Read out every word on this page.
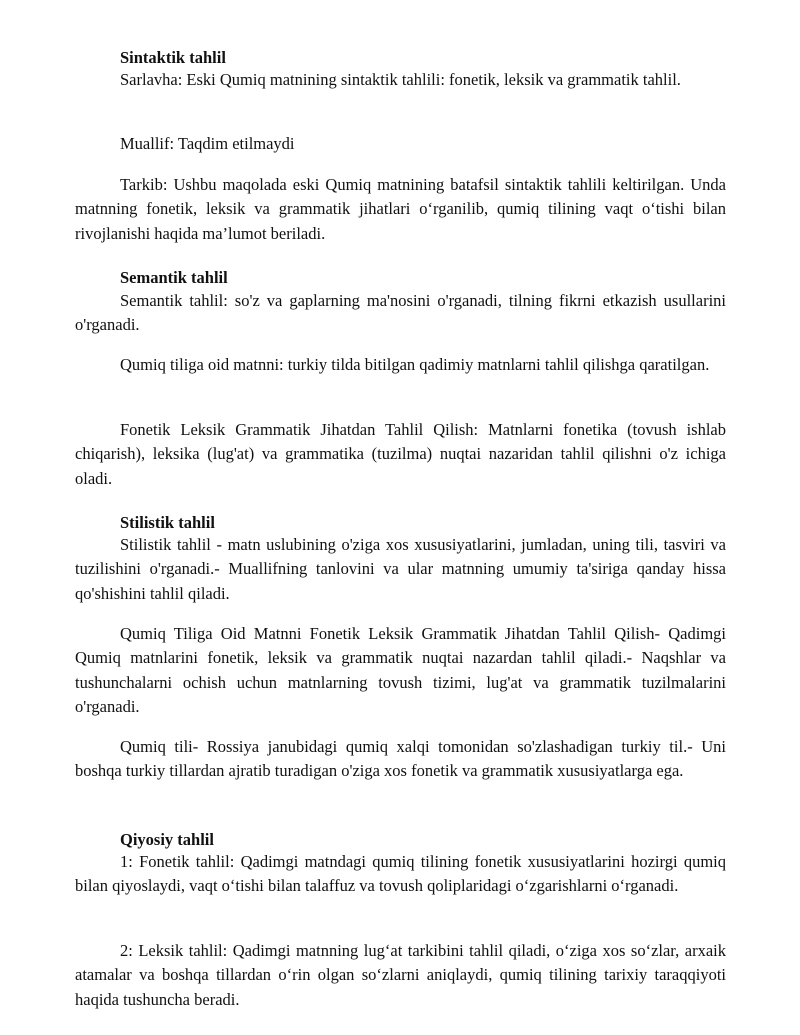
Sintaktik tahlil

Sarlavha: Eski Qumiq matnining sintaktik tahlili: fonetik, leksik va grammatik tahlil.

Muallif: Taqdim etilmaydi

Tarkib: Ushbu maqolada eski Qumiq matnining batafsil sintaktik tahlili keltirilgan. Unda matnning fonetik, leksik va grammatik jihatlari o‘rganilib, qumiq tilining vaqt o‘tishi bilan rivojlanishi haqida ma’lumot beriladi.

Semantik tahlil

Semantik tahlil: so'z va gaplarning ma'nosini o'rganadi, tilning fikrni etkazish usullarini o'rganadi.

Qumiq tiliga oid matnni: turkiy tilda bitilgan qadimiy matnlarni tahlil qilishga qaratilgan.

Fonetik Leksik Grammatik Jihatdan Tahlil Qilish: Matnlarni fonetika (tovush ishlab chiqarish), leksika (lug'at) va grammatika (tuzilma) nuqtai nazaridan tahlil qilishni o'z ichiga oladi.

Stilistik tahlil

Stilistik tahlil - matn uslubining o'ziga xos xususiyatlarini, jumladan, uning tili, tasviri va tuzilishini o'rganadi.- Muallifning tanlovini va ular matnning umumiy ta'siriga qanday hissa qo'shishini tahlil qiladi.

Qumiq Tiliga Oid Matnni Fonetik Leksik Grammatik Jihatdan Tahlil Qilish- Qadimgi Qumiq matnlarini fonetik, leksik va grammatik nuqtai nazardan tahlil qiladi.- Naqshlar va tushunchalarni ochish uchun matnlarning tovush tizimi, lug'at va grammatik tuzilmalarini o'rganadi.

Qumiq tili- Rossiya janubidagi qumiq xalqi tomonidan so'zlashadigan turkiy til.- Uni boshqa turkiy tillardan ajratib turadigan o'ziga xos fonetik va grammatik xususiyatlarga ega.

Qiyosiy tahlil

1: Fonetik tahlil: Qadimgi matndagi qumiq tilining fonetik xususiyatlarini hozirgi qumiq bilan qiyoslaydi, vaqt o‘tishi bilan talaffuz va tovush qoliplaridagi o‘zgarishlarni o‘rganadi.

2: Leksik tahlil: Qadimgi matnning lug‘at tarkibini tahlil qiladi, o‘ziga xos so‘zlar, arxaik atamalar va boshqa tillardan o‘rin olgan so‘zlarni aniqlaydi, qumiq tilining tarixiy taraqqiyoti haqida tushuncha beradi.
